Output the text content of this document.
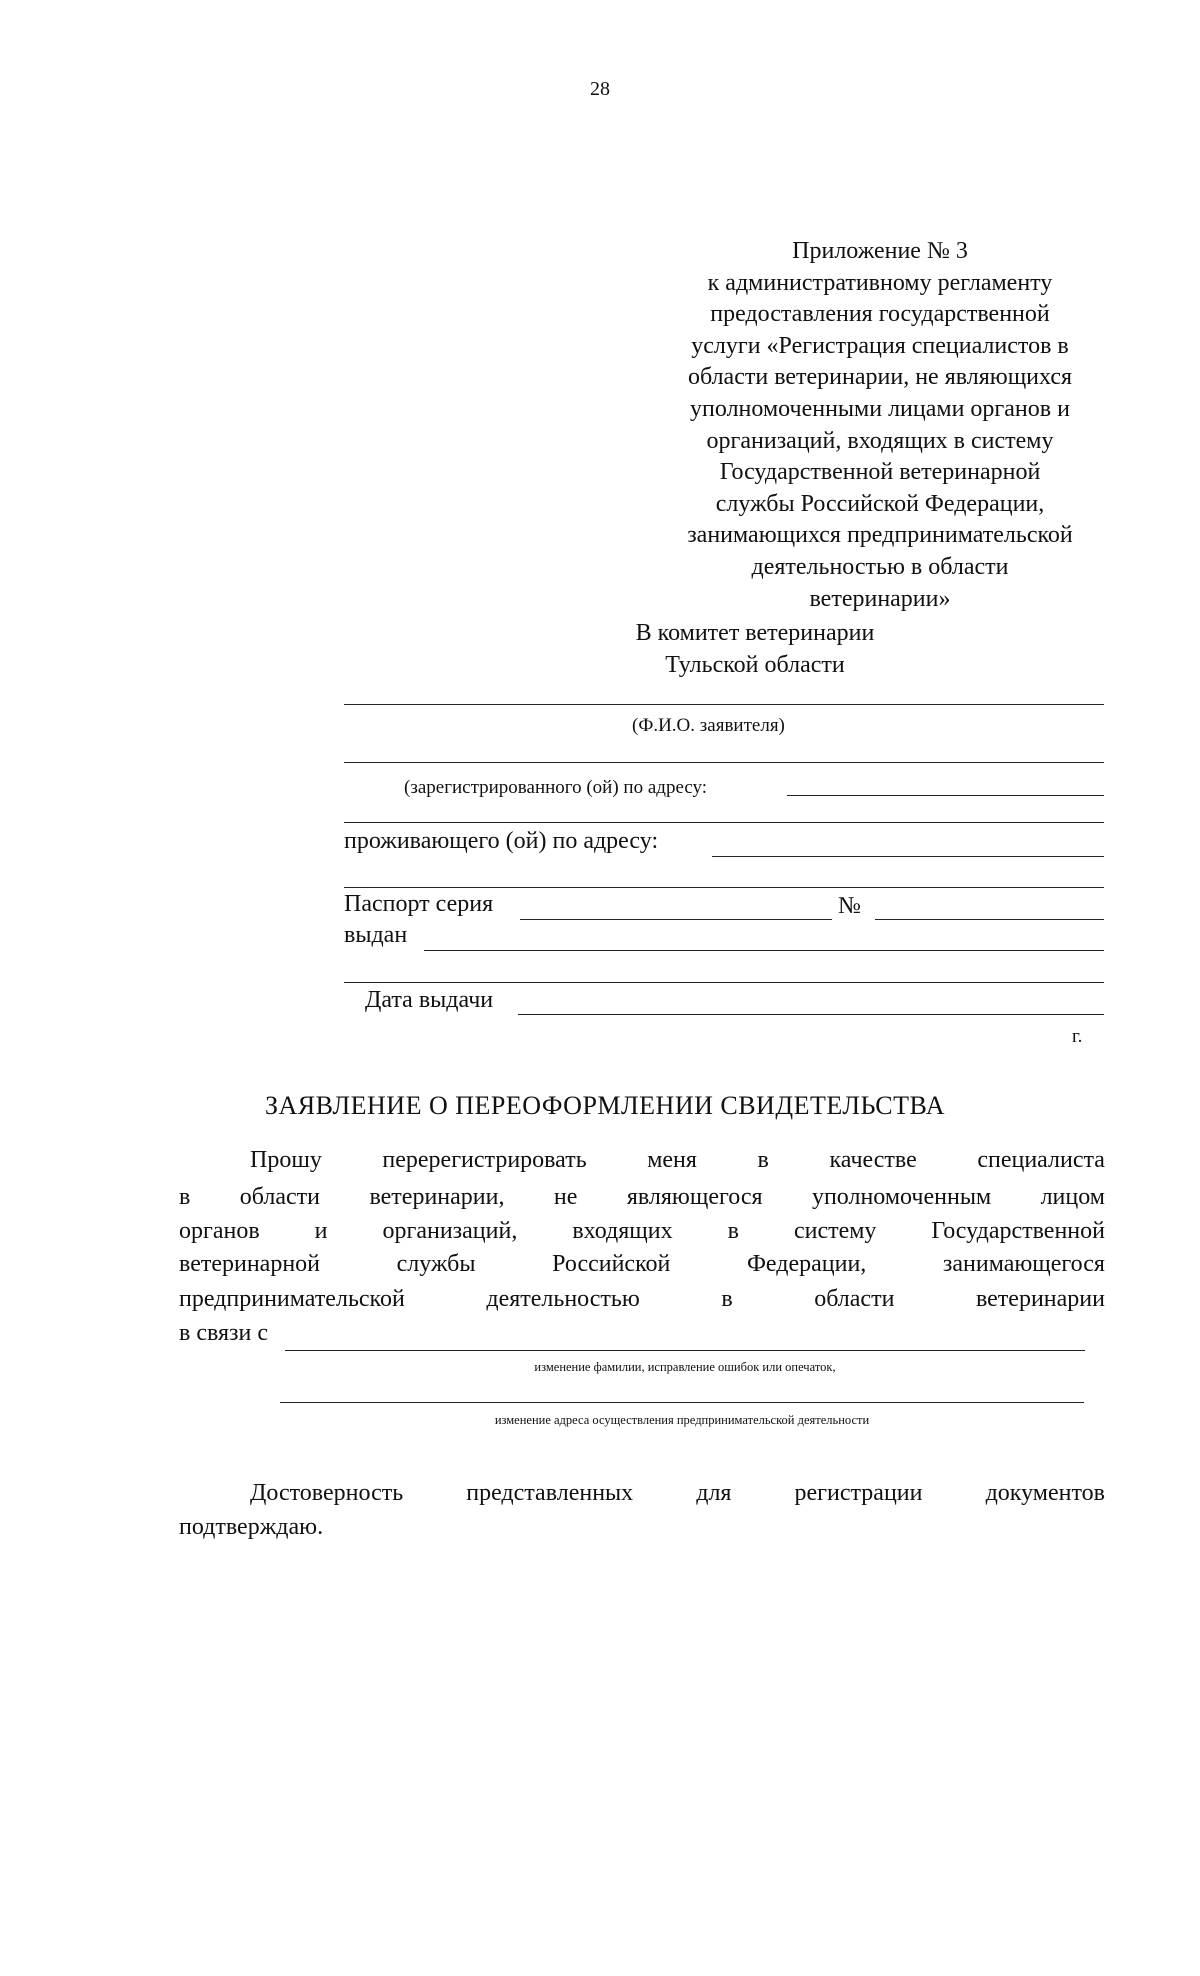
28
Приложение № 3
к административному регламенту
предоставления государственной
услуги «Регистрация специалистов в
области ветеринарии, не являющихся
уполномоченными лицами органов и
организаций, входящих в систему
Государственной ветеринарной
службы Российской Федерации,
занимающихся предпринимательской
деятельностью в области
ветеринарии»
В комитет ветеринарии
Тульской области
(Ф.И.О. заявителя)
(зарегистрированного (ой) по адресу:
проживающего (ой) по адресу:
Паспорт серия	№
выдан
Дата выдачи
г.
ЗАЯВЛЕНИЕ О ПЕРЕОФОРМЛЕНИИ СВИДЕТЕЛЬСТВА
Прошу	перерегистрировать	меня	в	качестве	специалиста
в области ветеринарии, не являющегося уполномоченным лицом
органов и организаций, входящих в систему Государственной
ветеринарной	службы	Российской	Федерации,	занимающегося
предпринимательской	деятельностью	в	области	ветеринарии
в связи с
изменение фамилии, исправление ошибок или опечаток,
изменение адреса осуществления предпринимательской деятельности
Достоверность	представленных	для	регистрации	документов
подтверждаю.
